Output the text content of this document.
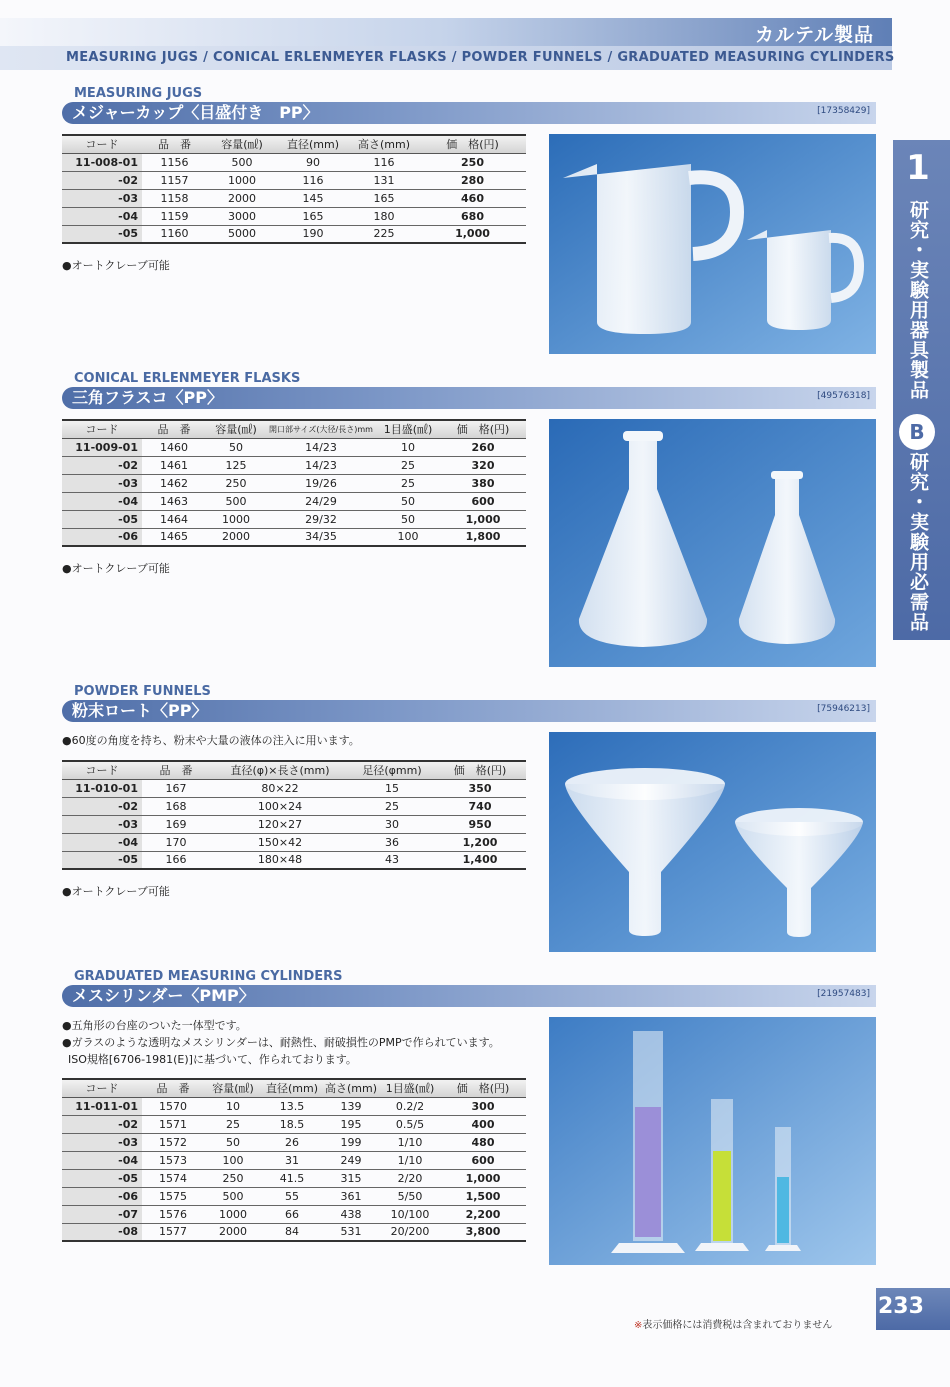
カルテル製品
MEASURING JUGS / CONICAL ERLENMEYER FLASKS / POWDER FUNNELS / GRADUATED MEASURING CYLINDERS
1
研究・実験用器具製品
B
研究・実験用必需品
MEASURING JUGS
メジャーカップ〈目盛付き　PP〉	[17358429]
コード	品　番	容量(㎖)	直径(mm)	高さ(mm)	価　格(円)
11-008-01	1156	500	90	116	250
-02	1157	1000	116	131	280
-03	1158	2000	145	165	460
-04	1159	3000	165	180	680
-05	1160	5000	190	225	1,000
●オートクレーブ可能
CONICAL ERLENMEYER FLASKS
三角フラスコ〈PP〉	[49576318]
コード	品　番	容量(㎖)	開口部サイズ(大径/長さ)mm	1目盛(㎖)	価　格(円)
11-009-01	1460	50	14/23	10	260
-02	1461	125	14/23	25	320
-03	1462	250	19/26	25	380
-04	1463	500	24/29	50	600
-05	1464	1000	29/32	50	1,000
-06	1465	2000	34/35	100	1,800
●オートクレーブ可能
POWDER FUNNELS
粉末ロート〈PP〉	[75946213]
●60度の角度を持ち、粉末や大量の液体の注入に用います。
コード	品　番	直径(φ)×長さ(mm)	足径(φmm)	価　格(円)
11-010-01	167	80×22	15	350
-02	168	100×24	25	740
-03	169	120×27	30	950
-04	170	150×42	36	1,200
-05	166	180×48	43	1,400
●オートクレーブ可能
GRADUATED MEASURING CYLINDERS
メスシリンダー〈PMP〉	[21957483]
●五角形の台座のついた一体型です。
●ガラスのような透明なメスシリンダーは、耐熱性、耐破損性のPMPで作られています。
ISO規格[6706-1981(E)]に基づいて、作られております。
コード	品　番	容量(㎖)	直径(mm)	高さ(mm)	1目盛(㎖)	価　格(円)
11-011-01	1570	10	13.5	139	0.2/2	300
-02	1571	25	18.5	195	0.5/5	400
-03	1572	50	26	199	1/10	480
-04	1573	100	31	249	1/10	600
-05	1574	250	41.5	315	2/20	1,000
-06	1575	500	55	361	5/50	1,500
-07	1576	1000	66	438	10/100	2,200
-08	1577	2000	84	531	20/200	3,800
233
※表示価格には消費税は含まれておりません
